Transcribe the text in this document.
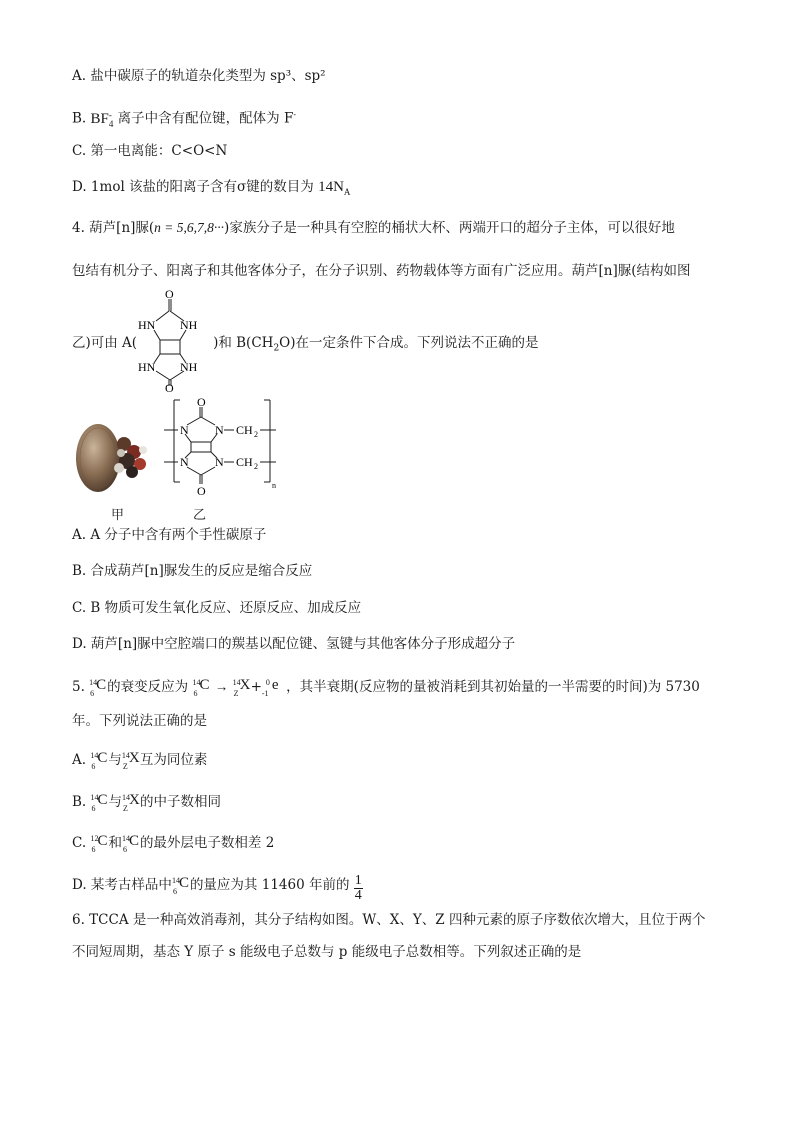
A. 盐中碳原子的轨道杂化类型为 sp³、sp²
B. BF -
4 离子中含有配位键，配体为 F-
C. 第一电离能：C<O<N
D. 1mol 该盐的阳离子含有σ键的数目为 $14N_A$
4. 葫芦[n]脲(n = 5,6,7,8···)家族分子是一种具有空腔的桶状大杯、两端开口的超分子主体，可以很好地
包结有机分子、阳离子和其他客体分子，在分子识别、药物载体等方面有广泛应用。葫芦[n]脲(结构如图
O
HN NH
HN NH
O
乙)可由 A(	)和 $B(CH_2O)$在一定条件下合成。下列说法不正确的是
甲
O
N N
N N
O
CH 2
CH 2
n
乙
A. A 分子中含有两个手性碳原子
B. 合成葫芦[n]脲发生的反应是缩合反应
C. B 物质可发生氧化反应、还原反应、加成反应
D. 葫芦[n]脲中空腔端口的羰基以配位键、氢键与其他客体分子形成超分子
5. 14
6
C 的衰变反应为 14
6
C → 14
Z
X + 0
-1
e ，其半衰期(反应物的量被消耗到其初始量的一半需要的时间)为 5730
年。下列说法正确的是
A. 14
6
C 与 14
Z
X 互为同位素
B. 14
6
C 与 14
Z
X 的中子数相同
C. 12
6
C 和 14
6
C 的最外层电子数相差 2
D. 某考古样品中 14
6
C 的量应为其 11460 年前的 $\frac{1}{4}$
6. TCCA 是一种高效消毒剂，其分子结构如图。W、X、Y、Z 四种元素的原子序数依次增大，且位于两个
不同短周期，基态 Y 原子 s 能级电子总数与 p 能级电子总数相等。下列叙述正确的是
